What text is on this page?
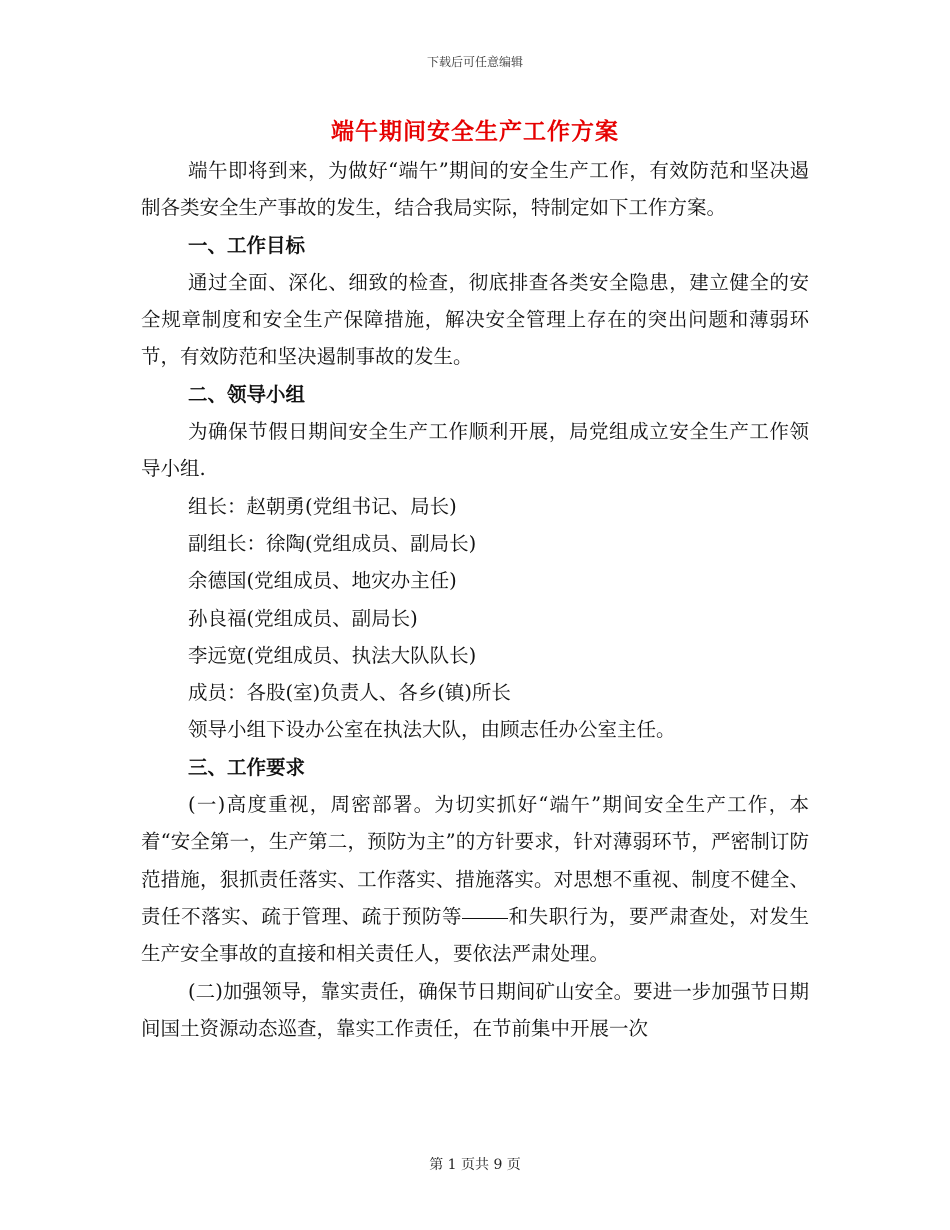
下载后可任意编辑
端午期间安全生产工作方案

端午即将到来，为做好“端午”期间的安全生产工作，有效防范和坚决遏制各类安全生产事故的发生，结合我局实际，特制定如下工作方案。

一、工作目标

通过全面、深化、细致的检查，彻底排查各类安全隐患，建立健全的安全规章制度和安全生产保障措施，解决安全管理上存在的突出问题和薄弱环节，有效防范和坚决遏制事故的发生。

二、领导小组

为确保节假日期间安全生产工作顺利开展，局党组成立安全生产工作领导小组.

组长：赵朝勇(党组书记、局长)

副组长：徐陶(党组成员、副局长)

余德国(党组成员、地灾办主任)

孙良福(党组成员、副局长)

李远宽(党组成员、执法大队队长)

成员：各股(室)负责人、各乡(镇)所长

领导小组下设办公室在执法大队，由顾志任办公室主任。

三、工作要求

(一)高度重视，周密部署。为切实抓好“端午”期间安全生产工作，本着“安全第一，生产第二，预防为主”的方针要求，针对薄弱环节，严密制订防范措施，狠抓责任落实、工作落实、措施落实。对思想不重视、制度不健全、责任不落实、疏于管理、疏于预防等 和失职行为，要严肃查处，对发生生产安全事故的直接和相关责任人，要依法严肃处理。

(二)加强领导，靠实责任，确保节日期间矿山安全。要进一步加强节日期间国土资源动态巡查，靠实工作责任，在节前集中开展一次

第 1 页共 9 页
